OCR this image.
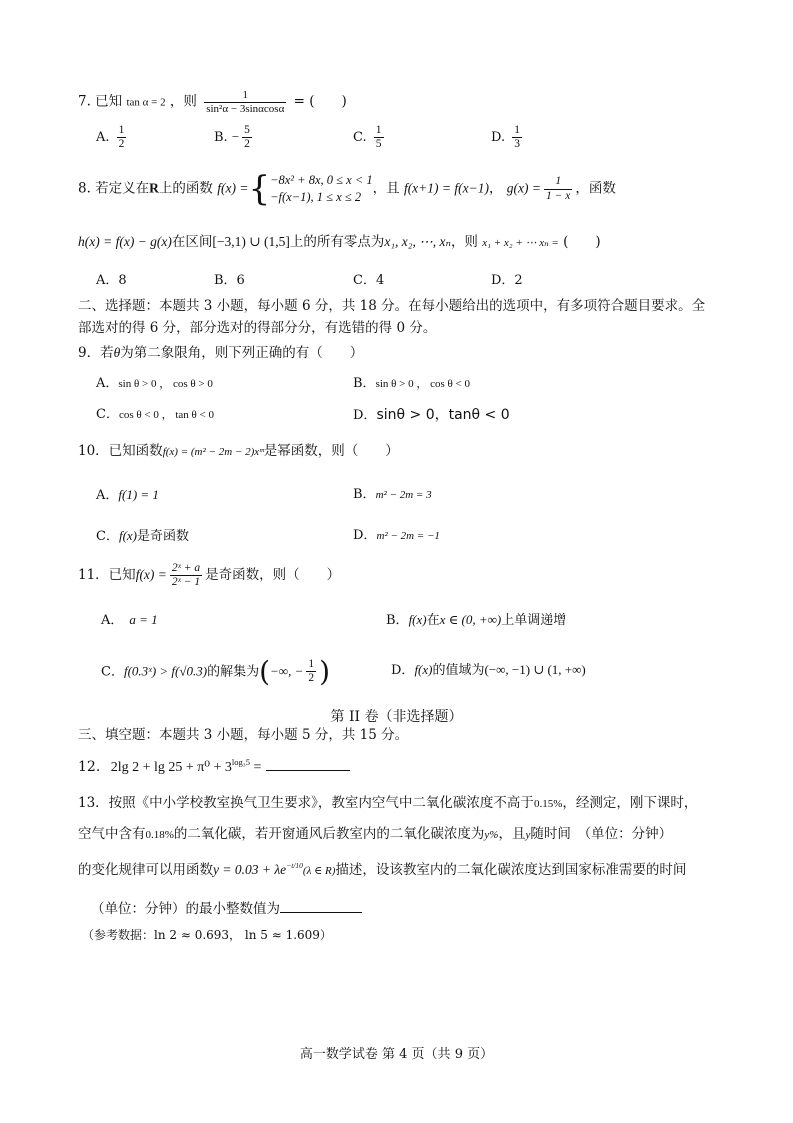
7. 已知 tan α = 2 ，则 $\frac{1}{\text{sin²α − 3sinαcosα}}$ = (　　)
A. $\frac{1}{2}$	B. − $\frac{5}{2}$	C. $\frac{1}{5}$	D. $\frac{1}{3}$
8. 若定义在R上的函数 f(x) ={ −8x² + 8x, 0 ≤ x < 1
−f(x−1), 1 ≤ x ≤ 2
，且 f(x+1) = f(x−1)， $g(x) = \frac{1}{1 - x}$ ，函数
h(x) = f(x) − g(x)在区间[−3,1) ∪ (1,5]上的所有零点为x₁, x₂, ⋯, xₙ，则 x₁ + x₂ + ⋯ xₙ = (　　)
A．8	B．6	C．4	D．2
二、选择题：本题共 3 小题，每小题 6 分，共 18 分。在每小题给出的选项中，有多项符合题目要求。全
部选对的得 6 分，部分选对的得部分分，有选错的得 0 分。
9．若θ为第二象限角，则下列正确的有（　　）
A．sin θ > 0 ， cos θ > 0	B．sin θ > 0 ， cos θ < 0
C．cos θ < 0 ， tan θ < 0	D．sinθ > 0，tanθ < 0
10．已知函数f(x) = (m² − 2m − 2)xᵐ是幂函数，则（　　）
A．f(1) = 1	B．m² − 2m = 3
C．f(x)是奇函数	D．m² − 2m = −1
11．已知$f(x) = \frac{\text{2ˣ + a}}{\text{2ˣ − 1}}$ 是奇函数，则（　　）
A． a = 1	B．f(x)在x ∈ (0, +∞)上单调递增
C．f(0.3ˣ) > f(√0.3)的解集为(−∞, − $\frac{1}{2}$ )	D．f(x)的值域为(−∞, −1) ∪ (1, +∞)
第 II 卷（非选择题）
三、填空题：本题共 3 小题，每小题 5 分，共 15 分。
12. 2lg $2 + \lg 25 + \pi^0 + 3^{log_35}$ =
13．按照《中小学校教室换气卫生要求》，教室内空气中二氧化碳浓度不高于0.15%，经测定，刚下课时，
空气中含有0.18%的二氧化碳，若开窗通风后教室内的二氧化碳浓度为y%，且y随时间　（单位：分钟）
的变化规律可以用函数$y = 0.03 + \lambda e^{-t/10}(\lambda$ ∈ R)描述，设该教室内的二氧化碳浓度达到国家标准需要的时间
（单位：分钟）的最小整数值为
（参考数据：ln 2 ≈ 0.693， ln 5 ≈ 1.609）
高一数学试卷 第 4 页（共 9 页）
